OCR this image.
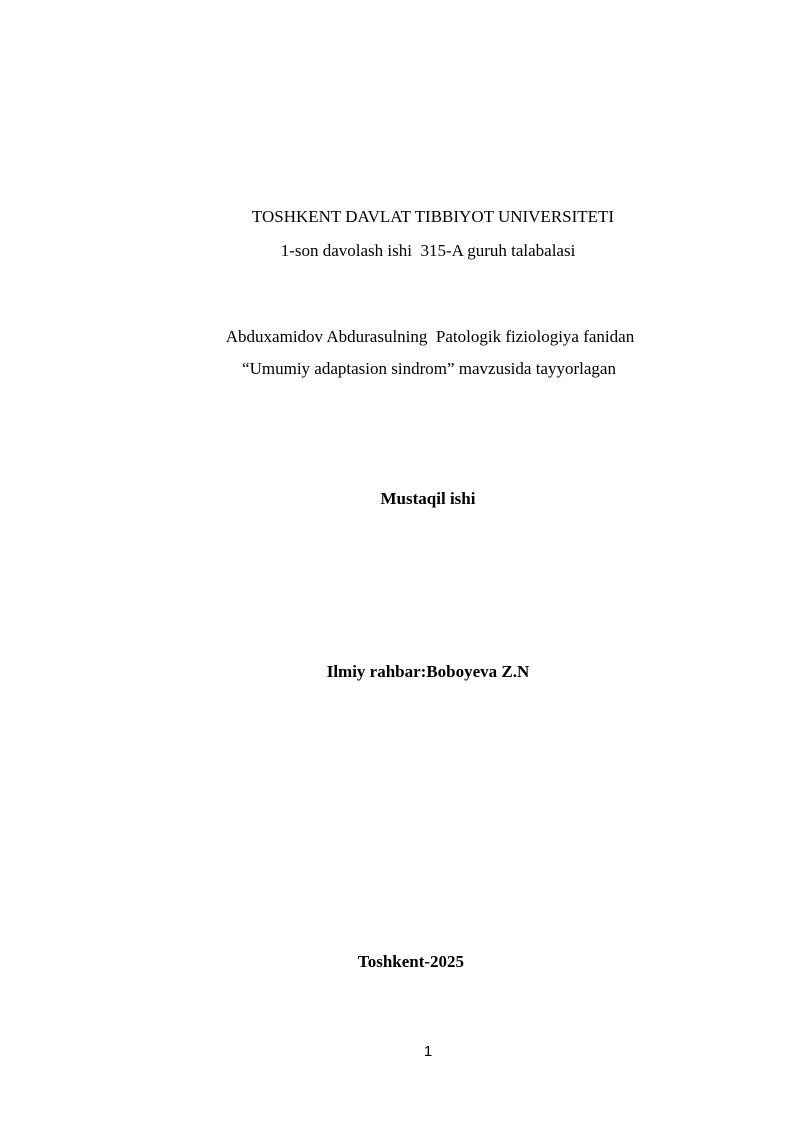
TOSHKENT DAVLAT TIBBIYOT UNIVERSITETI
1-son davolash ishi  315-A guruh talabalasi
Abduxamidov Abdurasulning  Patologik fiziologiya fanidan
“Umumiy adaptasion sindrom” mavzusida tayyorlagan
Mustaqil ishi
Ilmiy rahbar:Boboyeva Z.N
Toshkent-2025
1
